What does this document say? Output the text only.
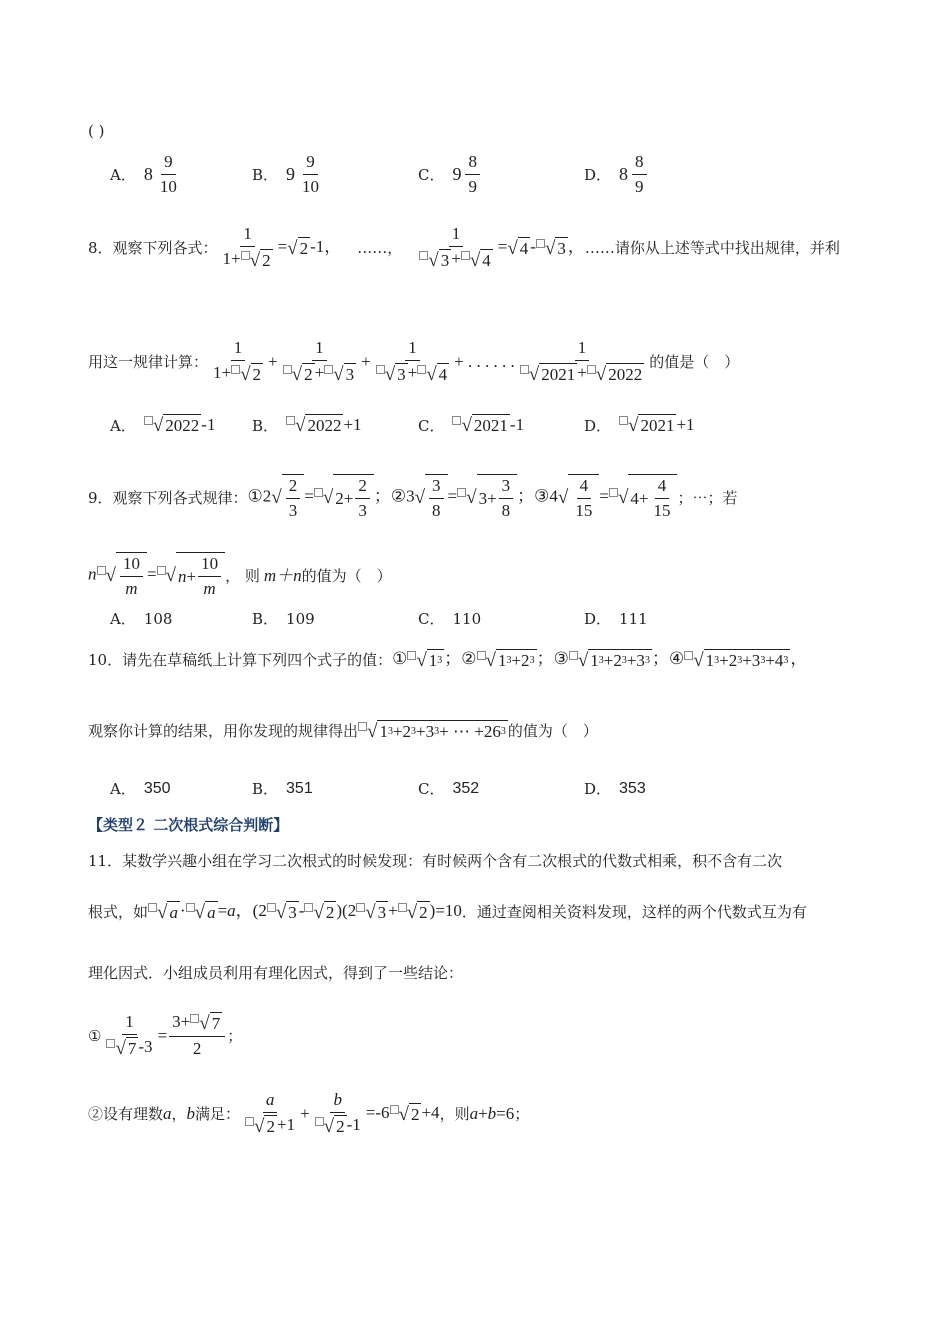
( )
A． $8 \frac{9}{10}$	B． $9 \frac{9}{10}$	C． $9 \frac{8}{9}$	D． $8 \frac{8}{9}$
8．观察下列各式： $\frac{1}{1+ √ 2}$ = √ 2 -1， ……， $\frac{1}{√ 3 + √ 4}$ = √ 4 - √ 3 ， ……请你从上述等式中找出规律，并利
用这一规律计算： $\frac{1}{1+ √ 2} + \frac{1}{√ 2 + √ 3} + \frac{1}{√ 3 + √ 4}$ + . . . . . . $\frac{1}{√ 2021 + √ 2022}$ 的值是（　）
A． √ 2022 -1 B． √ 2022 +1	C． √ 2021 -1	D． √ 2021 +1
9．观察下列各式规律： ①2 √ $\frac{2}{3}$ = √ $2+ \frac{2}{3}$ ； ②3 √ $\frac{3}{8}$ = √ $3+ \frac{3}{8}$ ； ③4 √ $\frac{4}{15}$ = √ $4+ \frac{4}{15}$ ；⋯；若
n √ $\frac{10}{m}$ = √ $n + \frac{10}{m}$ ， 则 m＋n 的值为（　）
A． 108	B． 109	C． 110	D． 111
10．请先在草稿纸上计算下列四个式子的值： ① √ 1 3 ； ② √ 1 3 +2 3 ； ③ √ 1 3 +2 3 +3 3 ； ④ √ 1 3 +2 3 +3 3 +4 3 ，
观察你计算的结果，用你发现的规律得出 √ 1 3 +2 3 +3 3 + ⋯ +26 3 的值为（　）
A． 350	B． 351	C． 352	D． 353
【类型２ 二次根式综合判断】
11．某数学兴趣小组在学习二次根式的时候发现：有时候两个含有二次根式的代数式相乘，积不含有二次
根式，如 √ a · √ a =a， (2 √ 3 - √ 2 )(2 √ 3 + √ 2 )=10 ．通过查阅相关资料发现，这样的两个代数式互为有
理化因式．小组成员利用有理化因式，得到了一些结论：
① $\frac{1}{√ 7 -3} = \frac{3+ √ 7}{2}$ ；
②设有理数 a ， b 满足： $\frac{a}{√ 2 +1} + \frac{b}{√ 2 -1} =-6$ √ 2 +4 ，则 a+b=6 ；
